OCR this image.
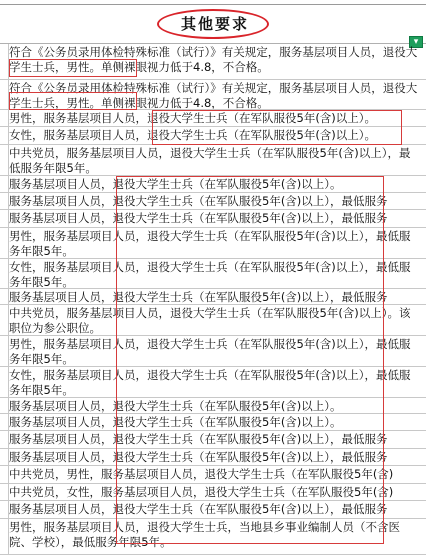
其他要求
▾
符合《公务员录用体检特殊标准（试行）》有关规定，服务基层项目人员，退役大学生士兵，男性。单侧裸眼视力低于4.8，不合格。
符合《公务员录用体检特殊标准（试行）》有关规定，服务基层项目人员，退役大学生士兵，男性。单侧裸眼视力低于4.8，不合格。
男性，服务基层项目人员，退役大学生士兵（在军队服役5年(含)以上）。
女性，服务基层项目人员，退役大学生士兵（在军队服役5年(含)以上）。
中共党员，服务基层项目人员，退役大学生士兵（在军队服役5年(含)以上），最低服务年限5年。
服务基层项目人员，退役大学生士兵（在军队服役5年(含)以上）。
服务基层项目人员，退役大学生士兵（在军队服役5年(含)以上），最低服务
服务基层项目人员，退役大学生士兵（在军队服役5年(含)以上），最低服务
男性，服务基层项目人员，退役大学生士兵（在军队服役5年(含)以上），最低服务年限5年。
女性，服务基层项目人员，退役大学生士兵（在军队服役5年(含)以上），最低服务年限5年。
服务基层项目人员，退役大学生士兵（在军队服役5年(含)以上），最低服务
中共党员，服务基层项目人员，退役大学生士兵（在军队服役5年(含)以上）。该职位为参公职位。
男性，服务基层项目人员，退役大学生士兵（在军队服役5年(含)以上），最低服务年限5年。
女性，服务基层项目人员，退役大学生士兵（在军队服役5年(含)以上），最低服务年限5年。
服务基层项目人员，退役大学生士兵（在军队服役5年(含)以上）。
服务基层项目人员，退役大学生士兵（在军队服役5年(含)以上）。
服务基层项目人员，退役大学生士兵（在军队服役5年(含)以上），最低服务
服务基层项目人员，退役大学生士兵（在军队服役5年(含)以上），最低服务
中共党员，男性，服务基层项目人员，退役大学生士兵（在军队服役5年(含)
中共党员，女性，服务基层项目人员，退役大学生士兵（在军队服役5年(含)
服务基层项目人员，退役大学生士兵（在军队服役5年(含)以上），最低服务
男性，服务基层项目人员，退役大学生士兵，当地县乡事业编制人员（不含医院、学校），最低服务年限5年。
